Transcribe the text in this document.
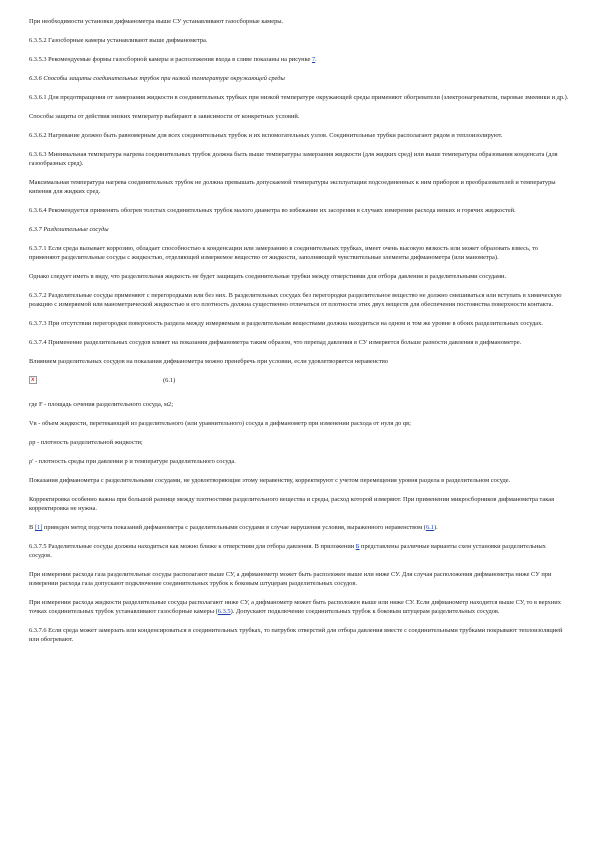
При необходимости установки дифманометра выше СУ устанавливают газосборные камеры.

6.3.5.2 Газосборные камеры устанавливают выше дифманометра.

6.3.5.3 Рекомендуемые формы газосборной камеры и расположения входа в сливе показаны на рисунке 7.

6.3.6 Способы защиты соединительных трубок при низкой температуре окружающей среды

6.3.6.1 Для предотвращения от замерзания жидкости в соединительных трубках при низкой температуре окружающей среды применяют обогреватели (электронагреватели, паровые змеевики и др.).

Способы защиты от действия низких температур выбирают в зависимости от конкретных условий.

6.3.6.2 Нагревание должно быть равномерным для всех соединительных трубок и их вспомогательных узлов. Соединительные трубки располагают рядом и теплоизолируют.

6.3.6.3 Минимальная температура нагрева соединительных трубок должна быть выше температуры замерзания жидкости (для жидких сред) или выше температуры образования конденсата (для газообразных сред).

Максимальная температура нагрева соединительных трубок не должна превышать допускаемой температуры эксплуатации подсоединенных к ним приборов и преобразователей и температуры кипения для жидких сред.

6.3.6.4 Рекомендуется применять обогрев толстых соединительных трубок малого диаметра во избежание их засорения в случаях измерения расхода вязких и горячих жидкостей.

6.3.7 Разделительные сосуды

6.3.7.1 Если среда вызывает коррозию, обладает способностью к конденсации или замерзанию в соединительных трубках, имеет очень высокую вязкость или может образовать взвесь, то применяют разделительные сосуды с жидкостью, отделяющей измеряемое вещество от жидкости, заполняющей чувствительные элементы дифманометра (или манометра).

Однако следует иметь в виду, что разделительная жидкость не будет защищать соединительные трубки между отверстиями для отбора давления и разделительными сосудами.

6.3.7.2 Разделительные сосуды применяют с перегородками или без них. В разделительных сосудах без перегородки разделительное вещество не должно смешиваться или вступать в химическую реакцию с измеряемой или манометрической жидкостью и его плотность должна существенно отличаться от плотности этих двух веществ для обеспечения постоянства поверхности контакта.

6.3.7.3 При отсутствии перегородки поверхность раздела между измеряемым и разделительным веществами должна находиться на одном и том же уровне в обоих разделительных сосудах.

6.3.7.4 Применение разделительных сосудов влияет на показания дифманометра таким образом, что перепад давления в СУ измеряется больше разности давления в дифманометре.

Влиянием разделительных сосудов на показания дифманометра можно пренебречь при условии, если удовлетворяется неравенство

x
(6.1)

где F - площадь сечения разделительного сосуда, м2;

Vв - объем жидкости, перетекающей из разделительного (или уравнительного) сосуда в дифманометр при изменении расхода от нуля до qв;

ρр - плотность разделительной жидкости;

ρ' - плотность среды при давлении р и температуре разделительного сосуда.

Показания дифманометра с разделительными сосудами, не удовлетворяющие этому неравенству, корректируют с учетом перемещения уровня раздела в разделительном сосуде.

Корректировка особенно важна при большой разнице между плотностями разделительного вещества и среды, расход которой измеряют. При применении микросборников дифманометра такая корректировка не нужна.

В [1] приведен метод подсчета показаний дифманометра с разделительными сосудами в случае нарушения условия, выраженного неравенством (6.1).

6.3.7.5 Разделительные сосуды должны находиться как можно ближе к отверстиям для отбора давления. В приложении Б представлены различные варианты схем установки разделительных сосудов.

При измерении расхода газа разделительные сосуды располагают выше СУ, а дифманометр может быть расположен выше или ниже СУ. Для случая расположения дифманометра ниже СУ при измерении расхода газа допускают подключение соединительных трубок к боковым штуцерам разделительных сосудов.

При измерении расхода жидкости разделительные сосуды располагают ниже СУ, а дифманометр может быть расположен выше или ниже СУ. Если дифманометр находится выше СУ, то в верхних точках соединительных трубок устанавливают газосборные камеры (6.3.5). Допускают подключение соединительных трубок к боковым штуцерам разделительных сосудов.

6.3.7.6 Если среда может замерзать или конденсироваться в соединительных трубках, то патрубок отверстий для отбора давления вместе с соединительными трубками покрывают теплоизоляцией или обогревают.
